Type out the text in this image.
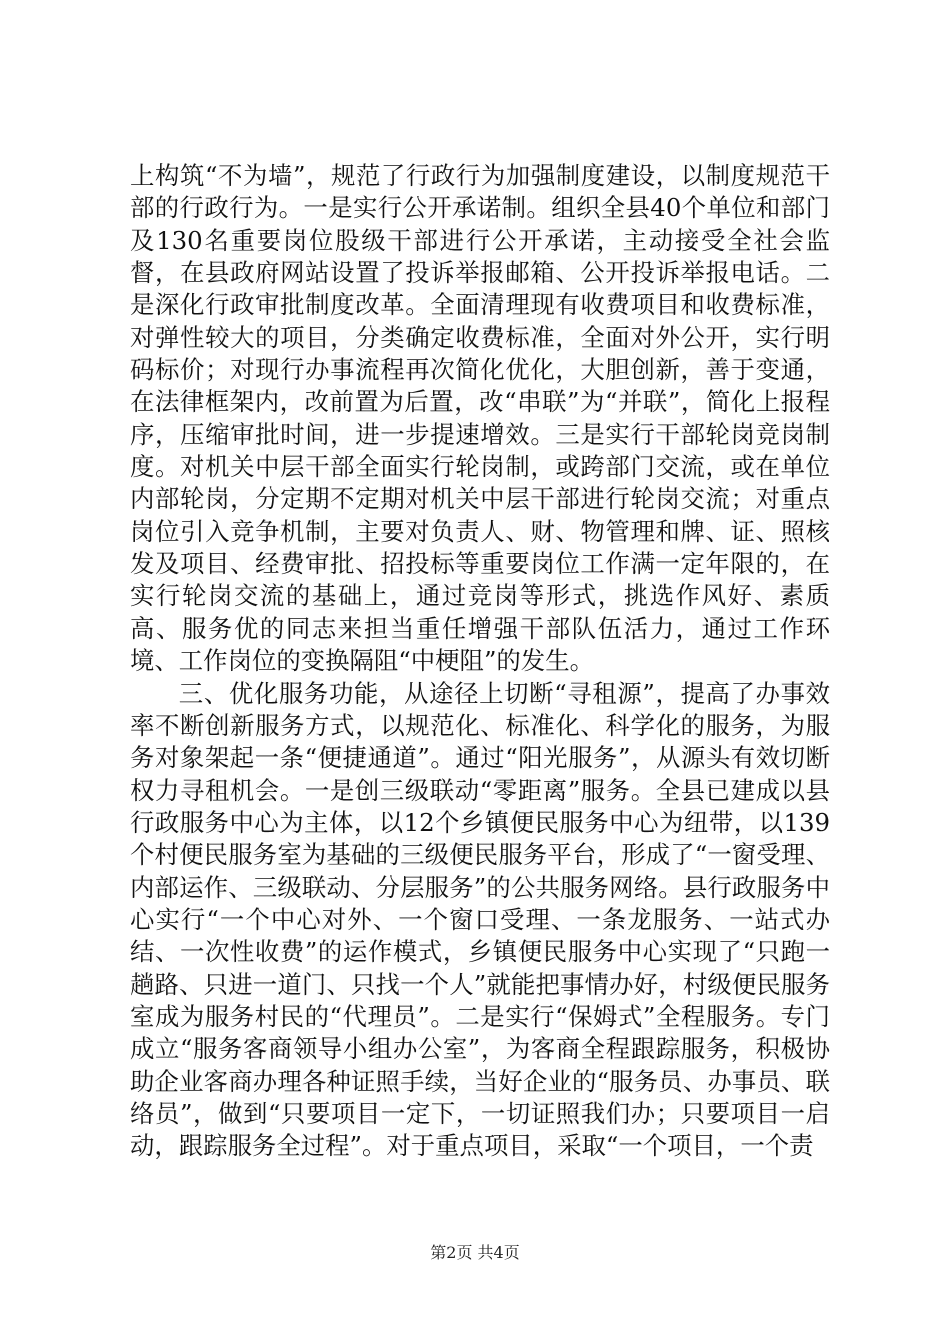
上构筑“不为墙”，规范了行政行为加强制度建设，以制度规范干部的行政行为。一是实行公开承诺制。组织全县40个单位和部门及130名重要岗位股级干部进行公开承诺，主动接受全社会监督，在县政府网站设置了投诉举报邮箱、公开投诉举报电话。二是深化行政审批制度改革。全面清理现有收费项目和收费标准，对弹性较大的项目，分类确定收费标准，全面对外公开，实行明码标价；对现行办事流程再次简化优化，大胆创新，善于变通，在法律框架内，改前置为后置，改“串联”为“并联”，简化上报程序，压缩审批时间，进一步提速增效。三是实行干部轮岗竞岗制度。对机关中层干部全面实行轮岗制，或跨部门交流，或在单位内部轮岗，分定期不定期对机关中层干部进行轮岗交流；对重点岗位引入竞争机制，主要对负责人、财、物管理和牌、证、照核发及项目、经费审批、招投标等重要岗位工作满一定年限的，在实行轮岗交流的基础上，通过竞岗等形式，挑选作风好、素质高、服务优的同志来担当重任增强干部队伍活力，通过工作环境、工作岗位的变换隔阻“中梗阻”的发生。

三、优化服务功能，从途径上切断“寻租源”，提高了办事效率不断创新服务方式，以规范化、标准化、科学化的服务，为服务对象架起一条“便捷通道”。通过“阳光服务”，从源头有效切断权力寻租机会。一是创三级联动“零距离”服务。全县已建成以县行政服务中心为主体，以12个乡镇便民服务中心为纽带，以139个村便民服务室为基础的三级便民服务平台，形成了“一窗受理、内部运作、三级联动、分层服务”的公共服务网络。县行政服务中心实行“一个中心对外、一个窗口受理、一条龙服务、一站式办结、一次性收费”的运作模式，乡镇便民服务中心实现了“只跑一趟路、只进一道门、只找一个人”就能把事情办好，村级便民服务室成为服务村民的“代理员”。二是实行“保姆式”全程服务。专门成立“服务客商领导小组办公室”，为客商全程跟踪服务，积极协助企业客商办理各种证照手续，当好企业的“服务员、办事员、联络员”，做到“只要项目一定下，一切证照我们办；只要项目一启动，跟踪服务全过程”。对于重点项目，采取“一个项目，一个责

第2页 共4页
